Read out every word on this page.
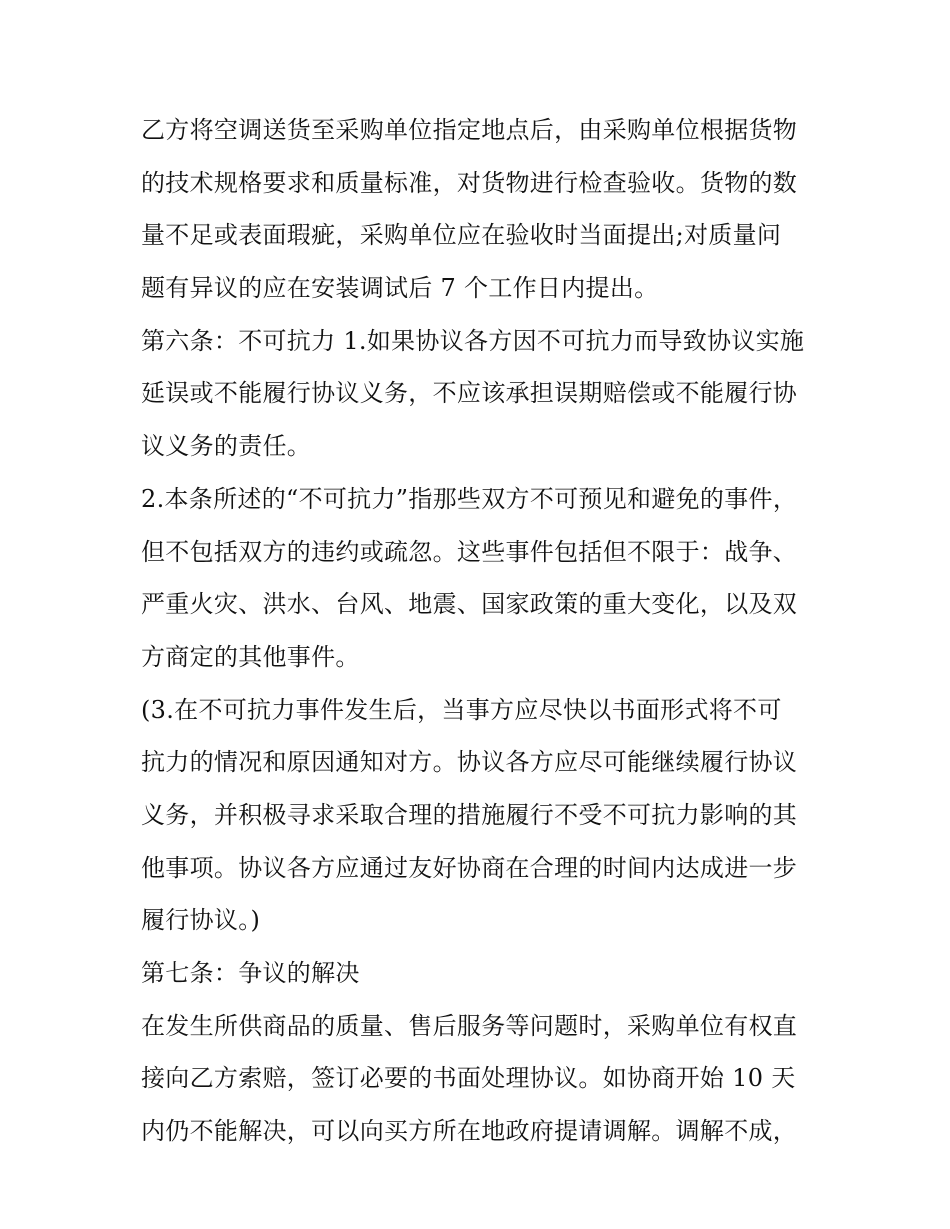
乙方将空调送货至采购单位指定地点后，由采购单位根据货物
的技术规格要求和质量标准，对货物进行检查验收。货物的数
量不足或表面瑕疵，采购单位应在验收时当面提出;对质量问
题有异议的应在安装调试后 7 个工作日内提出。
第六条：不可抗力 1.如果协议各方因不可抗力而导致协议实施
延误或不能履行协议义务，不应该承担误期赔偿或不能履行协
议义务的责任。
2.本条所述的“不可抗力”指那些双方不可预见和避免的事件，
但不包括双方的违约或疏忽。这些事件包括但不限于：战争、
严重火灾、洪水、台风、地震、国家政策的重大变化，以及双
方商定的其他事件。
(3.在不可抗力事件发生后，当事方应尽快以书面形式将不可
抗力的情况和原因通知对方。协议各方应尽可能继续履行协议
义务，并积极寻求采取合理的措施履行不受不可抗力影响的其
他事项。协议各方应通过友好协商在合理的时间内达成进一步
履行协议。)
第七条：争议的解决
在发生所供商品的质量、售后服务等问题时，采购单位有权直
接向乙方索赔，签订必要的书面处理协议。如协商开始 10 天
内仍不能解决，可以向买方所在地政府提请调解。调解不成，
